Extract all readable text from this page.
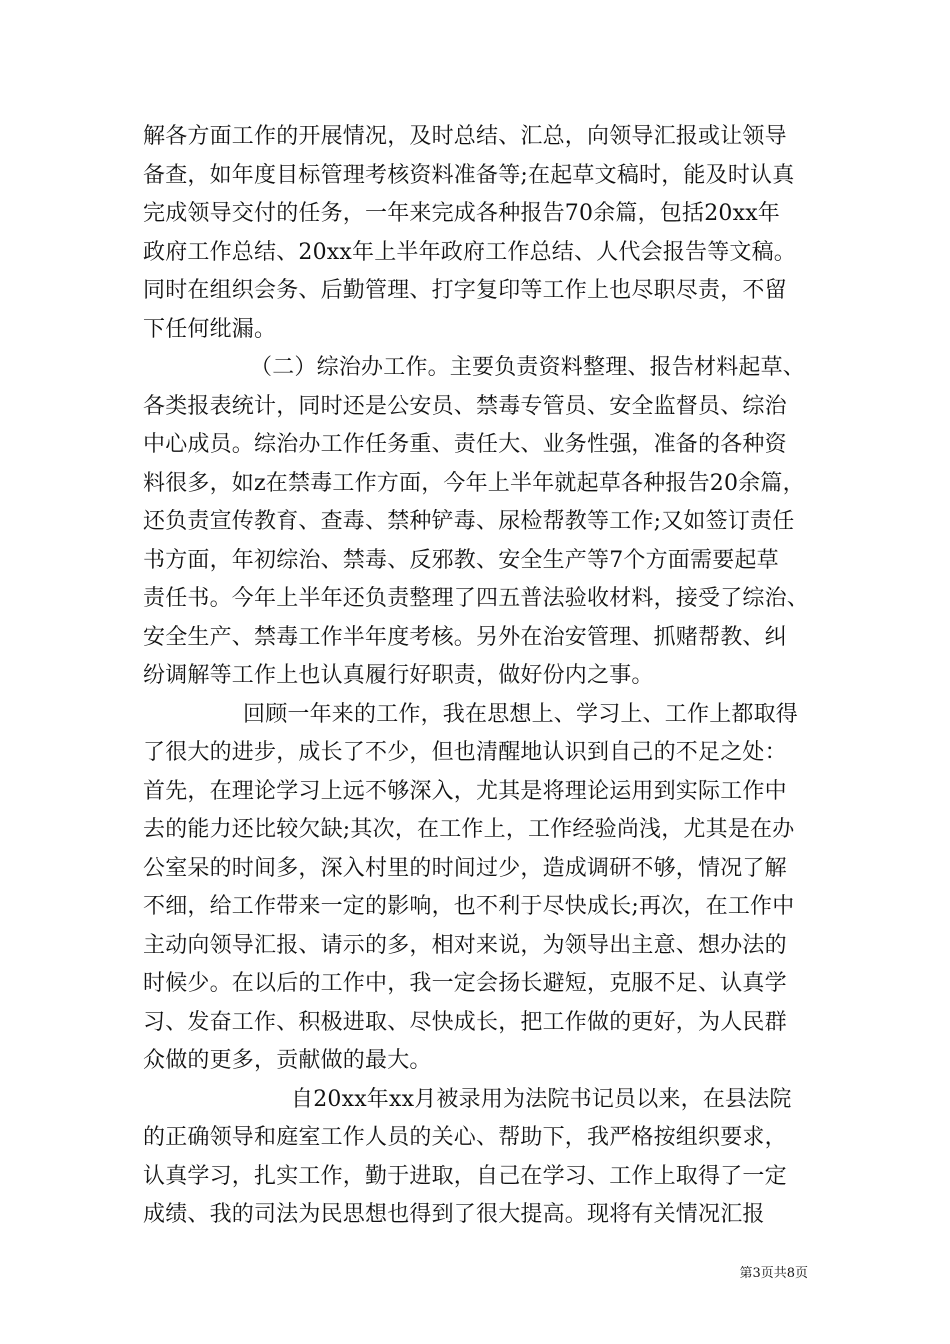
解各方面工作的开展情况，及时总结、汇总，向领导汇报或让领导
备查，如年度目标管理考核资料准备等;在起草文稿时，能及时认真
完成领导交付的任务，一年来完成各种报告70余篇，包括20xx年
政府工作总结、20xx年上半年政府工作总结、人代会报告等文稿。
同时在组织会务、后勤管理、打字复印等工作上也尽职尽责，不留
下任何纰漏。
（二）综治办工作。主要负责资料整理、报告材料起草、
各类报表统计，同时还是公安员、禁毒专管员、安全监督员、综治
中心成员。综治办工作任务重、责任大、业务性强，准备的各种资
料很多，如z在禁毒工作方面，今年上半年就起草各种报告20余篇，
还负责宣传教育、查毒、禁种铲毒、尿检帮教等工作;又如签订责任
书方面，年初综治、禁毒、反邪教、安全生产等7个方面需要起草
责任书。今年上半年还负责整理了四五普法验收材料，接受了综治、
安全生产、禁毒工作半年度考核。另外在治安管理、抓赌帮教、纠
纷调解等工作上也认真履行好职责，做好份内之事。
回顾一年来的工作，我在思想上、学习上、工作上都取得
了很大的进步，成长了不少，但也清醒地认识到自己的不足之处：
首先，在理论学习上远不够深入，尤其是将理论运用到实际工作中
去的能力还比较欠缺;其次，在工作上，工作经验尚浅，尤其是在办
公室呆的时间多，深入村里的时间过少，造成调研不够，情况了解
不细，给工作带来一定的影响，也不利于尽快成长;再次，在工作中
主动向领导汇报、请示的多，相对来说，为领导出主意、想办法的
时候少。在以后的工作中，我一定会扬长避短，克服不足、认真学
习、发奋工作、积极进取、尽快成长，把工作做的更好，为人民群
众做的更多，贡献做的最大。
自20xx年xx月被录用为法院书记员以来，在县法院
的正确领导和庭室工作人员的关心、帮助下，我严格按组织要求，
认真学习，扎实工作，勤于进取，自己在学习、工作上取得了一定
成绩、我的司法为民思想也得到了很大提高。现将有关情况汇报
第3页共8页
